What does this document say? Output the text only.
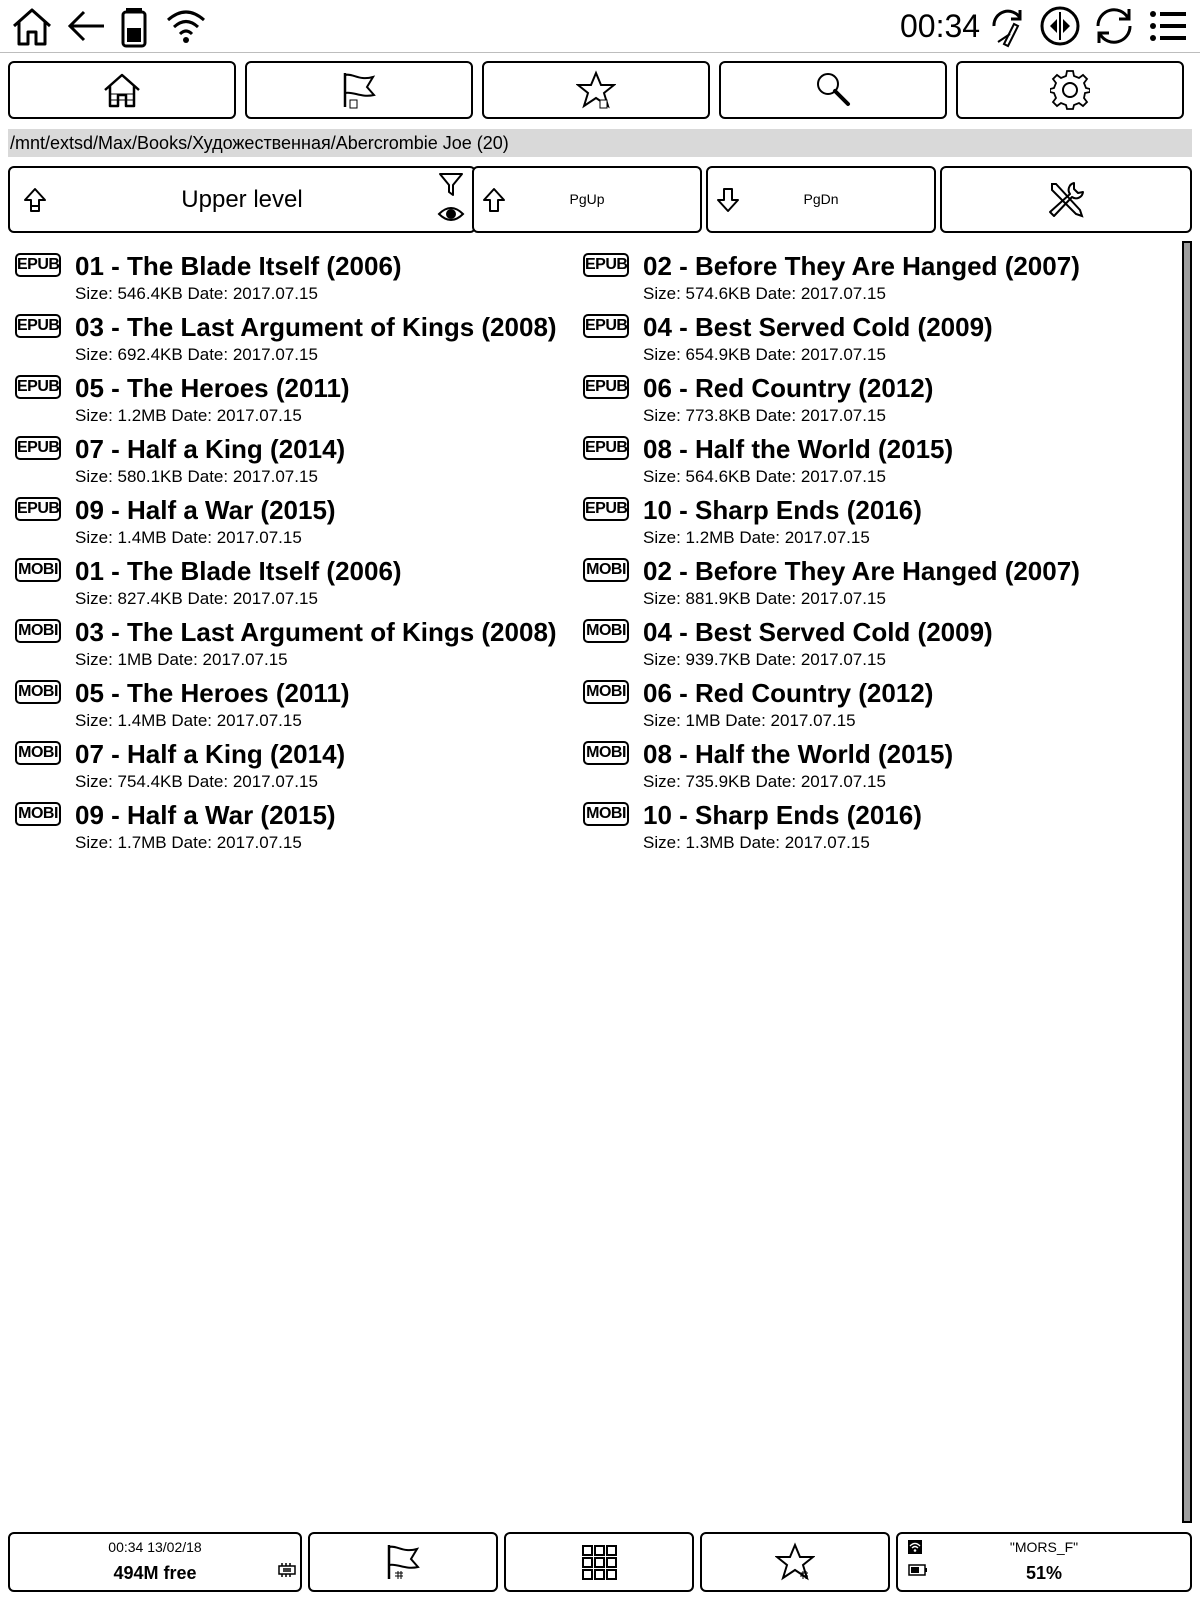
00:34
/mnt/extsd/Max/Books/Художественная/Abercrombie Joe (20)
Upper level	PgUp	PgDn
EPUB 01 - The Blade Itself (2006)
Size: 546.4KB Date: 2017.07.15
EPUB 02 - Before They Are Hanged (2007)
Size: 574.6KB Date: 2017.07.15
EPUB 03 - The Last Argument of Kings (2008)
Size: 692.4KB Date: 2017.07.15
EPUB 04 - Best Served Cold (2009)
Size: 654.9KB Date: 2017.07.15
EPUB 05 - The Heroes (2011)
Size: 1.2MB Date: 2017.07.15
EPUB 06 - Red Country (2012)
Size: 773.8KB Date: 2017.07.15
EPUB 07 - Half a King (2014)
Size: 580.1KB Date: 2017.07.15
EPUB 08 - Half the World (2015)
Size: 564.6KB Date: 2017.07.15
EPUB 09 - Half a War (2015)
Size: 1.4MB Date: 2017.07.15
EPUB 10 - Sharp Ends (2016)
Size: 1.2MB Date: 2017.07.15
MOBI 01 - The Blade Itself (2006)
Size: 827.4KB Date: 2017.07.15
MOBI 02 - Before They Are Hanged (2007)
Size: 881.9KB Date: 2017.07.15
MOBI 03 - The Last Argument of Kings (2008)
Size: 1MB Date: 2017.07.15
MOBI 04 - Best Served Cold (2009)
Size: 939.7KB Date: 2017.07.15
MOBI 05 - The Heroes (2011)
Size: 1.4MB Date: 2017.07.15
MOBI 06 - Red Country (2012)
Size: 1MB Date: 2017.07.15
MOBI 07 - Half a King (2014)
Size: 754.4KB Date: 2017.07.15
MOBI 08 - Half the World (2015)
Size: 735.9KB Date: 2017.07.15
MOBI 09 - Half a War (2015)
Size: 1.7MB Date: 2017.07.15
MOBI 10 - Sharp Ends (2016)
Size: 1.3MB Date: 2017.07.15
00:34 13/02/18
494M free
"MORS_F"
51%
